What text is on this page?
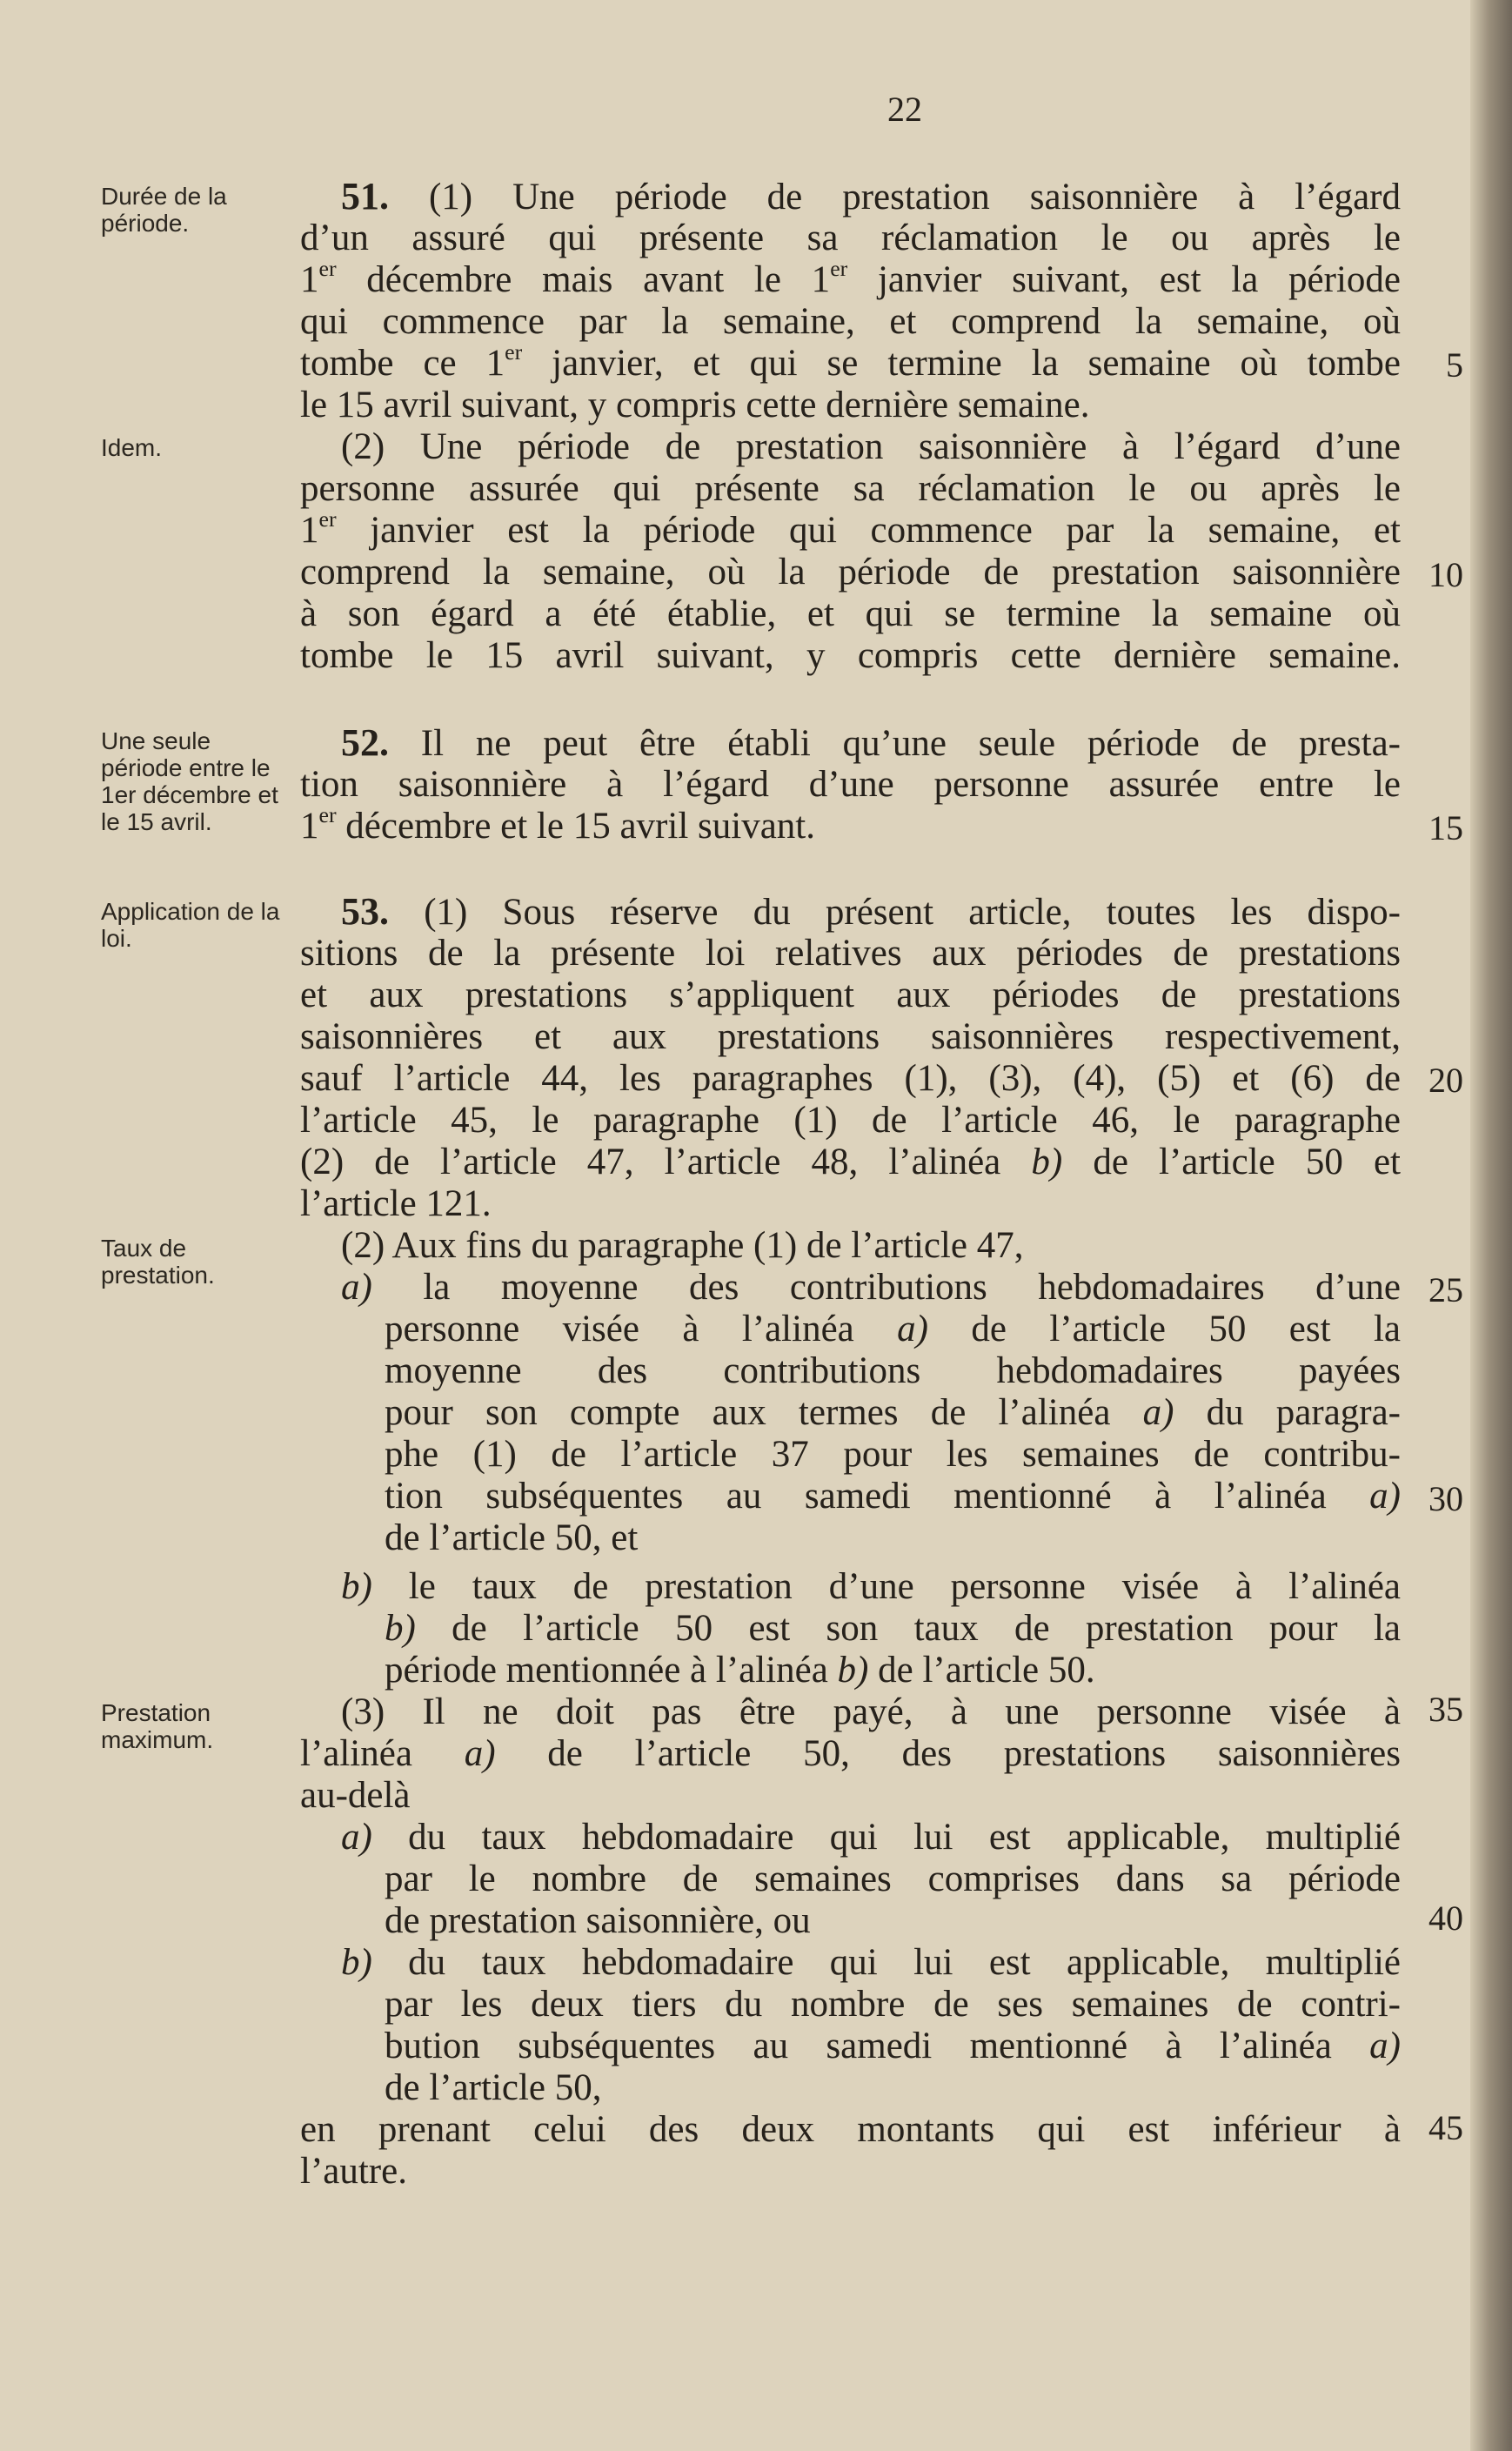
22
Durée de la période.
Idem.
Une seule période entre le 1er décembre et le 15 avril.
Application de la loi.
Taux de prestation.
Prestation maximum.
5
10
15
20
25
30
35
40
45
51. (1) Une période de prestation saisonnière à l’égard
d’un assuré qui présente sa réclamation le ou après le
1er décembre mais avant le 1er janvier suivant, est la période
qui commence par la semaine, et comprend la semaine, où
tombe ce 1er janvier, et qui se termine la semaine où tombe
le 15 avril suivant, y compris cette dernière semaine.
(2) Une période de prestation saisonnière à l’égard d’une
personne assurée qui présente sa réclamation le ou après le
1er janvier est la période qui commence par la semaine, et
comprend la semaine, où la période de prestation saisonnière
à son égard a été établie, et qui se termine la semaine où
tombe le 15 avril suivant, y compris cette dernière semaine.
52. Il ne peut être établi qu’une seule période de presta-
tion saisonnière à l’égard d’une personne assurée entre le
1er décembre et le 15 avril suivant.
53. (1) Sous réserve du présent article, toutes les dispo-
sitions de la présente loi relatives aux périodes de prestations
et aux prestations s’appliquent aux périodes de prestations
saisonnières et aux prestations saisonnières respectivement,
sauf l’article 44, les paragraphes (1), (3), (4), (5) et (6) de
l’article 45, le paragraphe (1) de l’article 46, le paragraphe
(2) de l’article 47, l’article 48, l’alinéa b) de l’article 50 et
l’article 121.
(2) Aux fins du paragraphe (1) de l’article 47,
a) la moyenne des contributions hebdomadaires d’une
personne visée à l’alinéa a) de l’article 50 est la
moyenne des contributions hebdomadaires payées
pour son compte aux termes de l’alinéa a) du paragra-
phe (1) de l’article 37 pour les semaines de contribu-
tion subséquentes au samedi mentionné à l’alinéa a)
de l’article 50, et
b) le taux de prestation d’une personne visée à l’alinéa
b) de l’article 50 est son taux de prestation pour la
période mentionnée à l’alinéa b) de l’article 50.
(3) Il ne doit pas être payé, à une personne visée à
l’alinéa a) de l’article 50, des prestations saisonnières
au-delà
a) du taux hebdomadaire qui lui est applicable, multiplié
par le nombre de semaines comprises dans sa période
de prestation saisonnière, ou
b) du taux hebdomadaire qui lui est applicable, multiplié
par les deux tiers du nombre de ses semaines de contri-
bution subséquentes au samedi mentionné à l’alinéa a)
de l’article 50,
en prenant celui des deux montants qui est inférieur à
l’autre.
